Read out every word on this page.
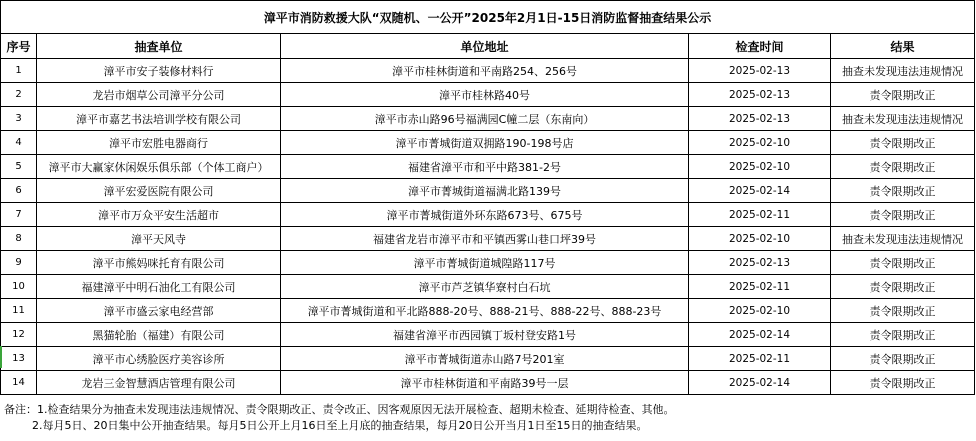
漳平市消防救援大队“双随机、一公开”2025年2月1日-15日消防监督抽查结果公示				
序号	抽查单位	单位地址	检查时间	结果
1	漳平市安子装修材料行	漳平市桂林街道和平南路254、256号	2025-02-13	抽查未发现违法违规情况
2	龙岩市烟草公司漳平分公司	漳平市桂林路40号	2025-02-13	责令限期改正
3	漳平市嘉艺书法培训学校有限公司	漳平市赤山路96号福满园C幢二层（东南向）	2025-02-13	抽查未发现违法违规情况
4	漳平市宏胜电器商行	漳平市菁城街道双拥路190-198号店	2025-02-10	责令限期改正
5	漳平市大赢家休闲娱乐俱乐部（个体工商户）	福建省漳平市和平中路381-2号	2025-02-10	责令限期改正
6	漳平宏爱医院有限公司	漳平市菁城街道福满北路139号	2025-02-14	责令限期改正
7	漳平市万众平安生活超市	漳平市菁城街道外环东路673号、675号	2025-02-11	责令限期改正
8	漳平天风寺	福建省龙岩市漳平市和平镇西雾山巷口坪39号	2025-02-10	抽查未发现违法违规情况
9	漳平市熊妈咪托育有限公司	漳平市菁城街道城隍路117号	2025-02-13	责令限期改正
10	福建漳平中明石油化工有限公司	漳平市芦芝镇华寮村白石坑	2025-02-11	责令限期改正
11	漳平市盛云家电经营部	漳平市菁城街道和平北路888-20号、888-21号、888-22号、888-23号	2025-02-10	责令限期改正
12	黑猫轮胎（福建）有限公司	福建省漳平市西园镇丁坂村登安路1号	2025-02-14	责令限期改正
13	漳平市心绣脸医疗美容诊所	漳平市菁城街道赤山路7号201室	2025-02-11	责令限期改正
14	龙岩三金智慧酒店管理有限公司	漳平市桂林街道和平南路39号一层	2025-02-14	责令限期改正
备注：1.检查结果分为抽查未发现违法违规情况、责令限期改正、责令改正、因客观原因无法开展检查、超期未检查、延期待检查、其他。
2.每月5日、20日集中公开抽查结果。每月5日公开上月16日至上月底的抽查结果，每月20日公开当月1日至15日的抽查结果。
